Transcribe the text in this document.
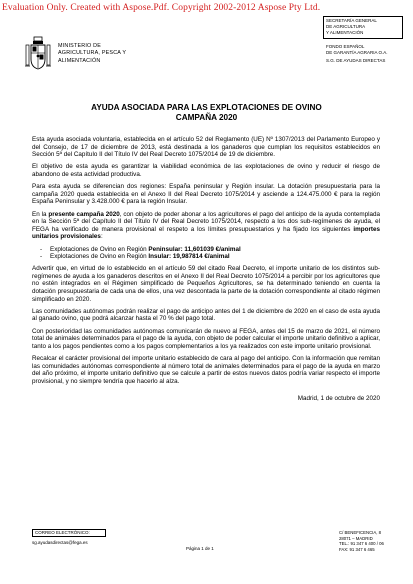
Evaluation Only. Created with Aspose.Pdf. Copyright 2002-2012 Aspose Pty Ltd.
MINISTERIO DE
AGRICULTURA, PESCA Y
ALIMENTACIÓN
SECRETARÍA GENERAL
DE AGRICULTURA
Y ALIMENTACIÓN
FONDO ESPAÑOL
DE GARANTÍA AGRARIA O.A.
S.G. DE AYUDAS DIRECTAS
AYUDA ASOCIADA PARA LAS EXPLOTACIONES DE OVINO
CAMPAÑA 2020

Esta ayuda asociada voluntaria, establecida en el artículo 52 del Reglamento (UE) Nº 1307/2013 del Parlamento Europeo y del Consejo, de 17 de diciembre de 2013, está destinada a los ganaderos que cumplan los requisitos establecidos en Sección 5ª del Capítulo II del Título IV del Real Decreto 1075/2014 de 19 de diciembre.

El objetivo de esta ayuda es garantizar la viabilidad económica de las explotaciones de ovino y reducir el riesgo de abandono de esta actividad productiva.

Para esta ayuda se diferencian dos regiones: España peninsular y Región insular. La dotación presupuestaria para la campaña 2020 queda establecida en el Anexo II del Real Decreto 1075/2014 y asciende a 124.475.000 € para la región España Peninsular y 3.428.000 € para la región Insular.

En la presente campaña 2020, con objeto de poder abonar a los agricultores el pago del anticipo de la ayuda contemplada en la Sección 5ª del Capítulo II del Título IV del Real Decreto 1075/2014, respecto a los dos sub-regímenes de ayuda, el FEGA ha verificado de manera provisional el respeto a los límites presupuestarios y ha fijado los siguientes importes unitarios provisionales:

- Explotaciones de Ovino en Región Peninsular: 11,601039 €/animal
- Explotaciones de Ovino en Región Insular: 19,987814 €/animal

Advertir que, en virtud de lo establecido en el artículo 59 del citado Real Decreto, el importe unitario de los distintos sub-regímenes de ayuda a los ganaderos descritos en el Anexo II del Real Decreto 1075/2014 a percibir por los agricultores que no estén integrados en el Régimen simplificado de Pequeños Agricultores, se ha determinado teniendo en cuenta la dotación presupuestaria de cada una de ellos, una vez descontada la parte de la dotación correspondiente al citado régimen simplificado en 2020.

Las comunidades autónomas podrán realizar el pago de anticipo antes del 1 de diciembre de 2020 en el caso de esta ayuda al ganado ovino, que podrá alcanzar hasta el 70 % del pago total.

Con posterioridad las comunidades autónomas comunicarán de nuevo al FEGA, antes del 15 de marzo de 2021, el número total de animales determinados para el pago de la ayuda, con objeto de poder calcular el importe unitario definitivo a aplicar, tanto a los pagos pendientes como a los pagos complementarios a los ya realizados con este importe unitario provisional.

Recalcar el carácter provisional del importe unitario establecido de cara al pago del anticipo. Con la información que remitan las comunidades autónomas correspondiente al número total de animales determinados para el pago de la ayuda en marzo del año próximo, el importe unitario definitivo que se calcule a partir de estos nuevos datos podría variar respecto el importe provisional, y no siempre tendría que hacerlo al alza.

Madrid, 1 de octubre de 2020

CORREO ELECTRÓNICO:
sg.ayudasdirectas@fega.es
Página 1 de 1
C/ BENEFICENCIA, 8
28071 – MADRID
TEL.: 91 347 6 400 / 06
FAX: 91 347 6 465
